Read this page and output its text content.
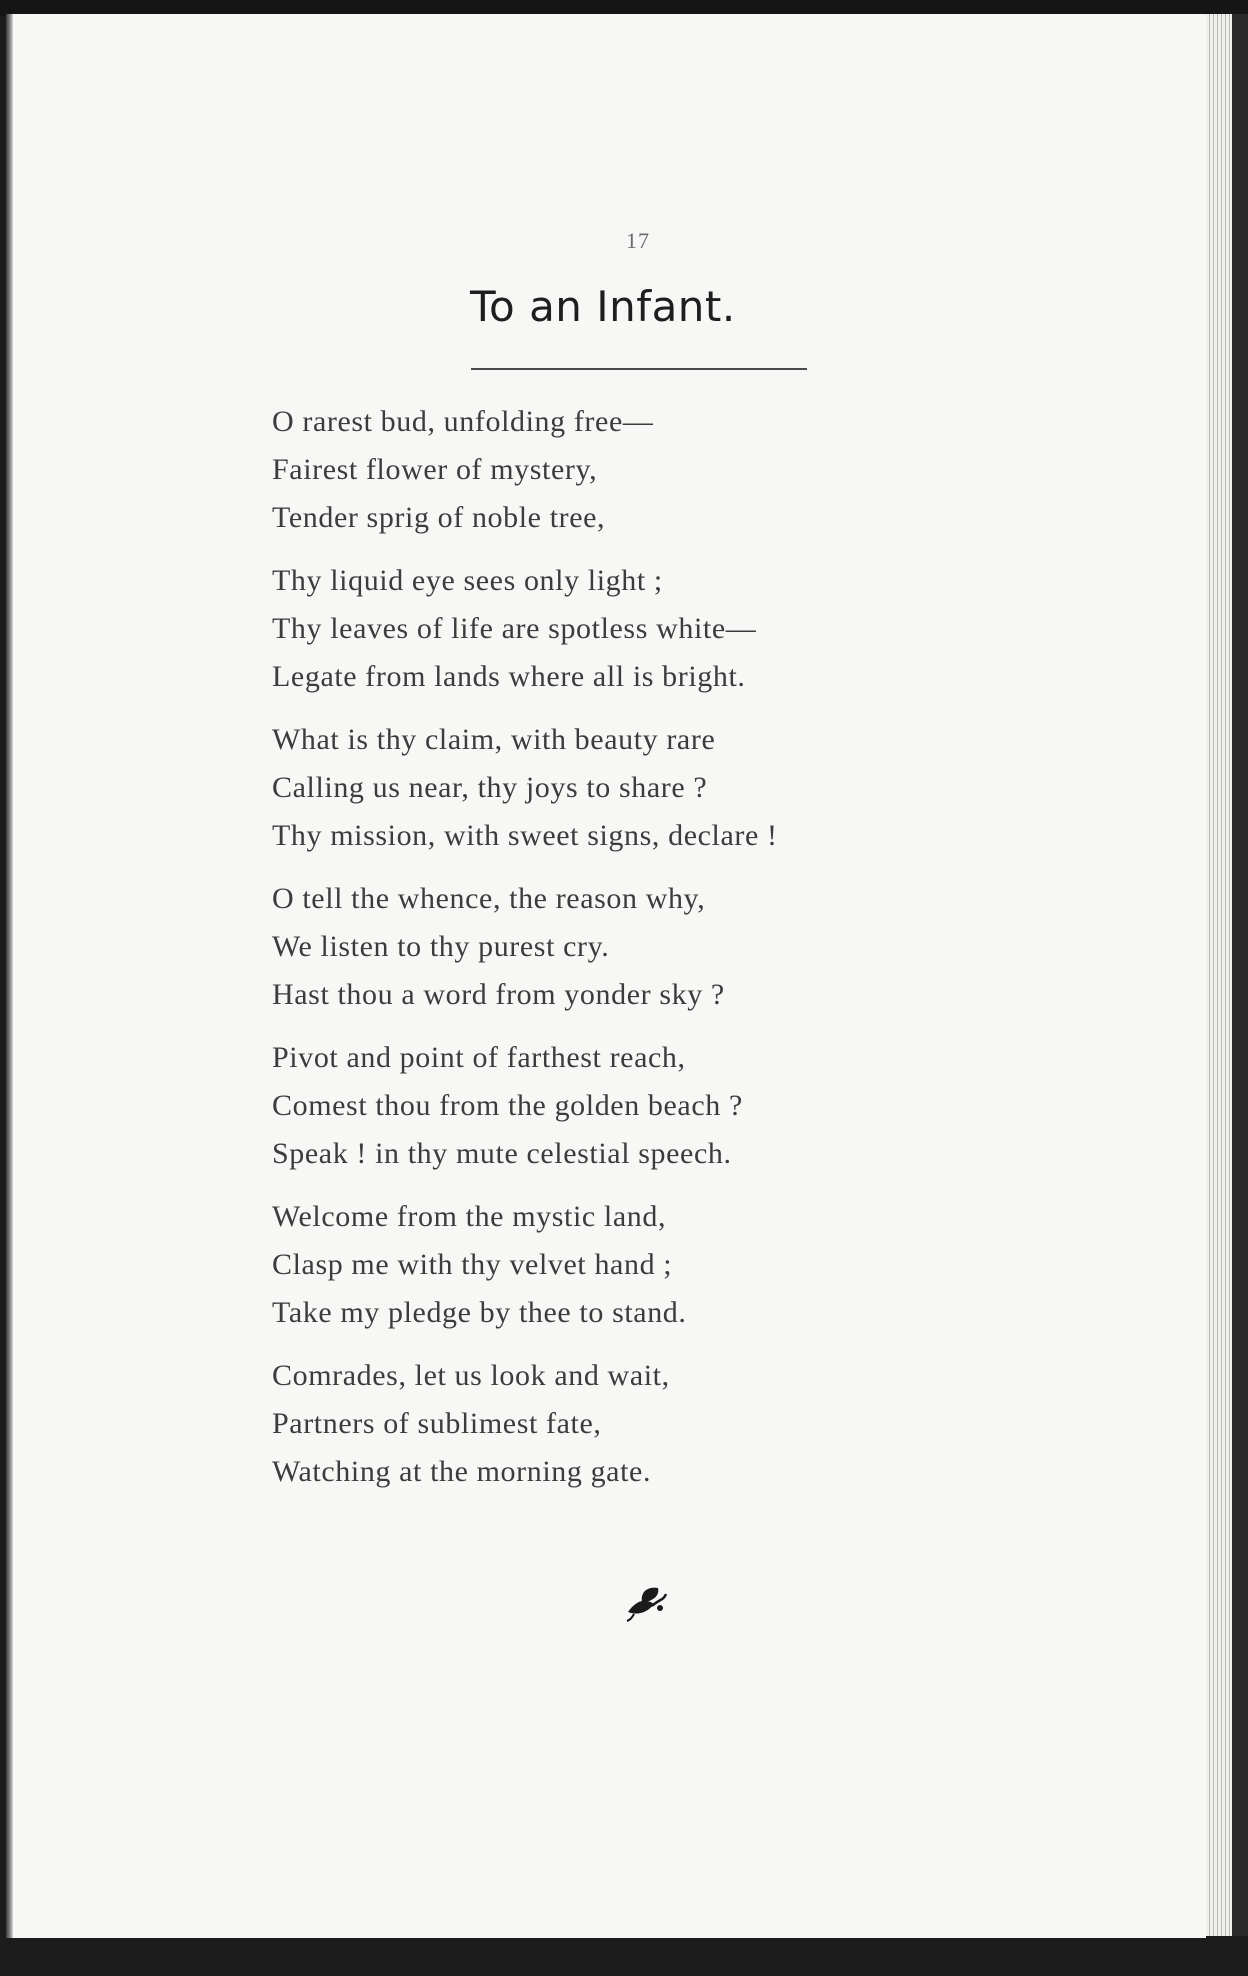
17
To an Infant.
O rarest bud, unfolding free—
Fairest flower of mystery,
Tender sprig of noble tree,
Thy liquid eye sees only light ;
Thy leaves of life are spotless white—
Legate from lands where all is bright.
What is thy claim, with beauty rare
Calling us near, thy joys to share ?
Thy mission, with sweet signs, declare !
O tell the whence, the reason why,
We listen to thy purest cry.
Hast thou a word from yonder sky ?
Pivot and point of farthest reach,
Comest thou from the golden beach ?
Speak ! in thy mute celestial speech.
Welcome from the mystic land,
Clasp me with thy velvet hand ;
Take my pledge by thee to stand.
Comrades, let us look and wait,
Partners of sublimest fate,
Watching at the morning gate.
